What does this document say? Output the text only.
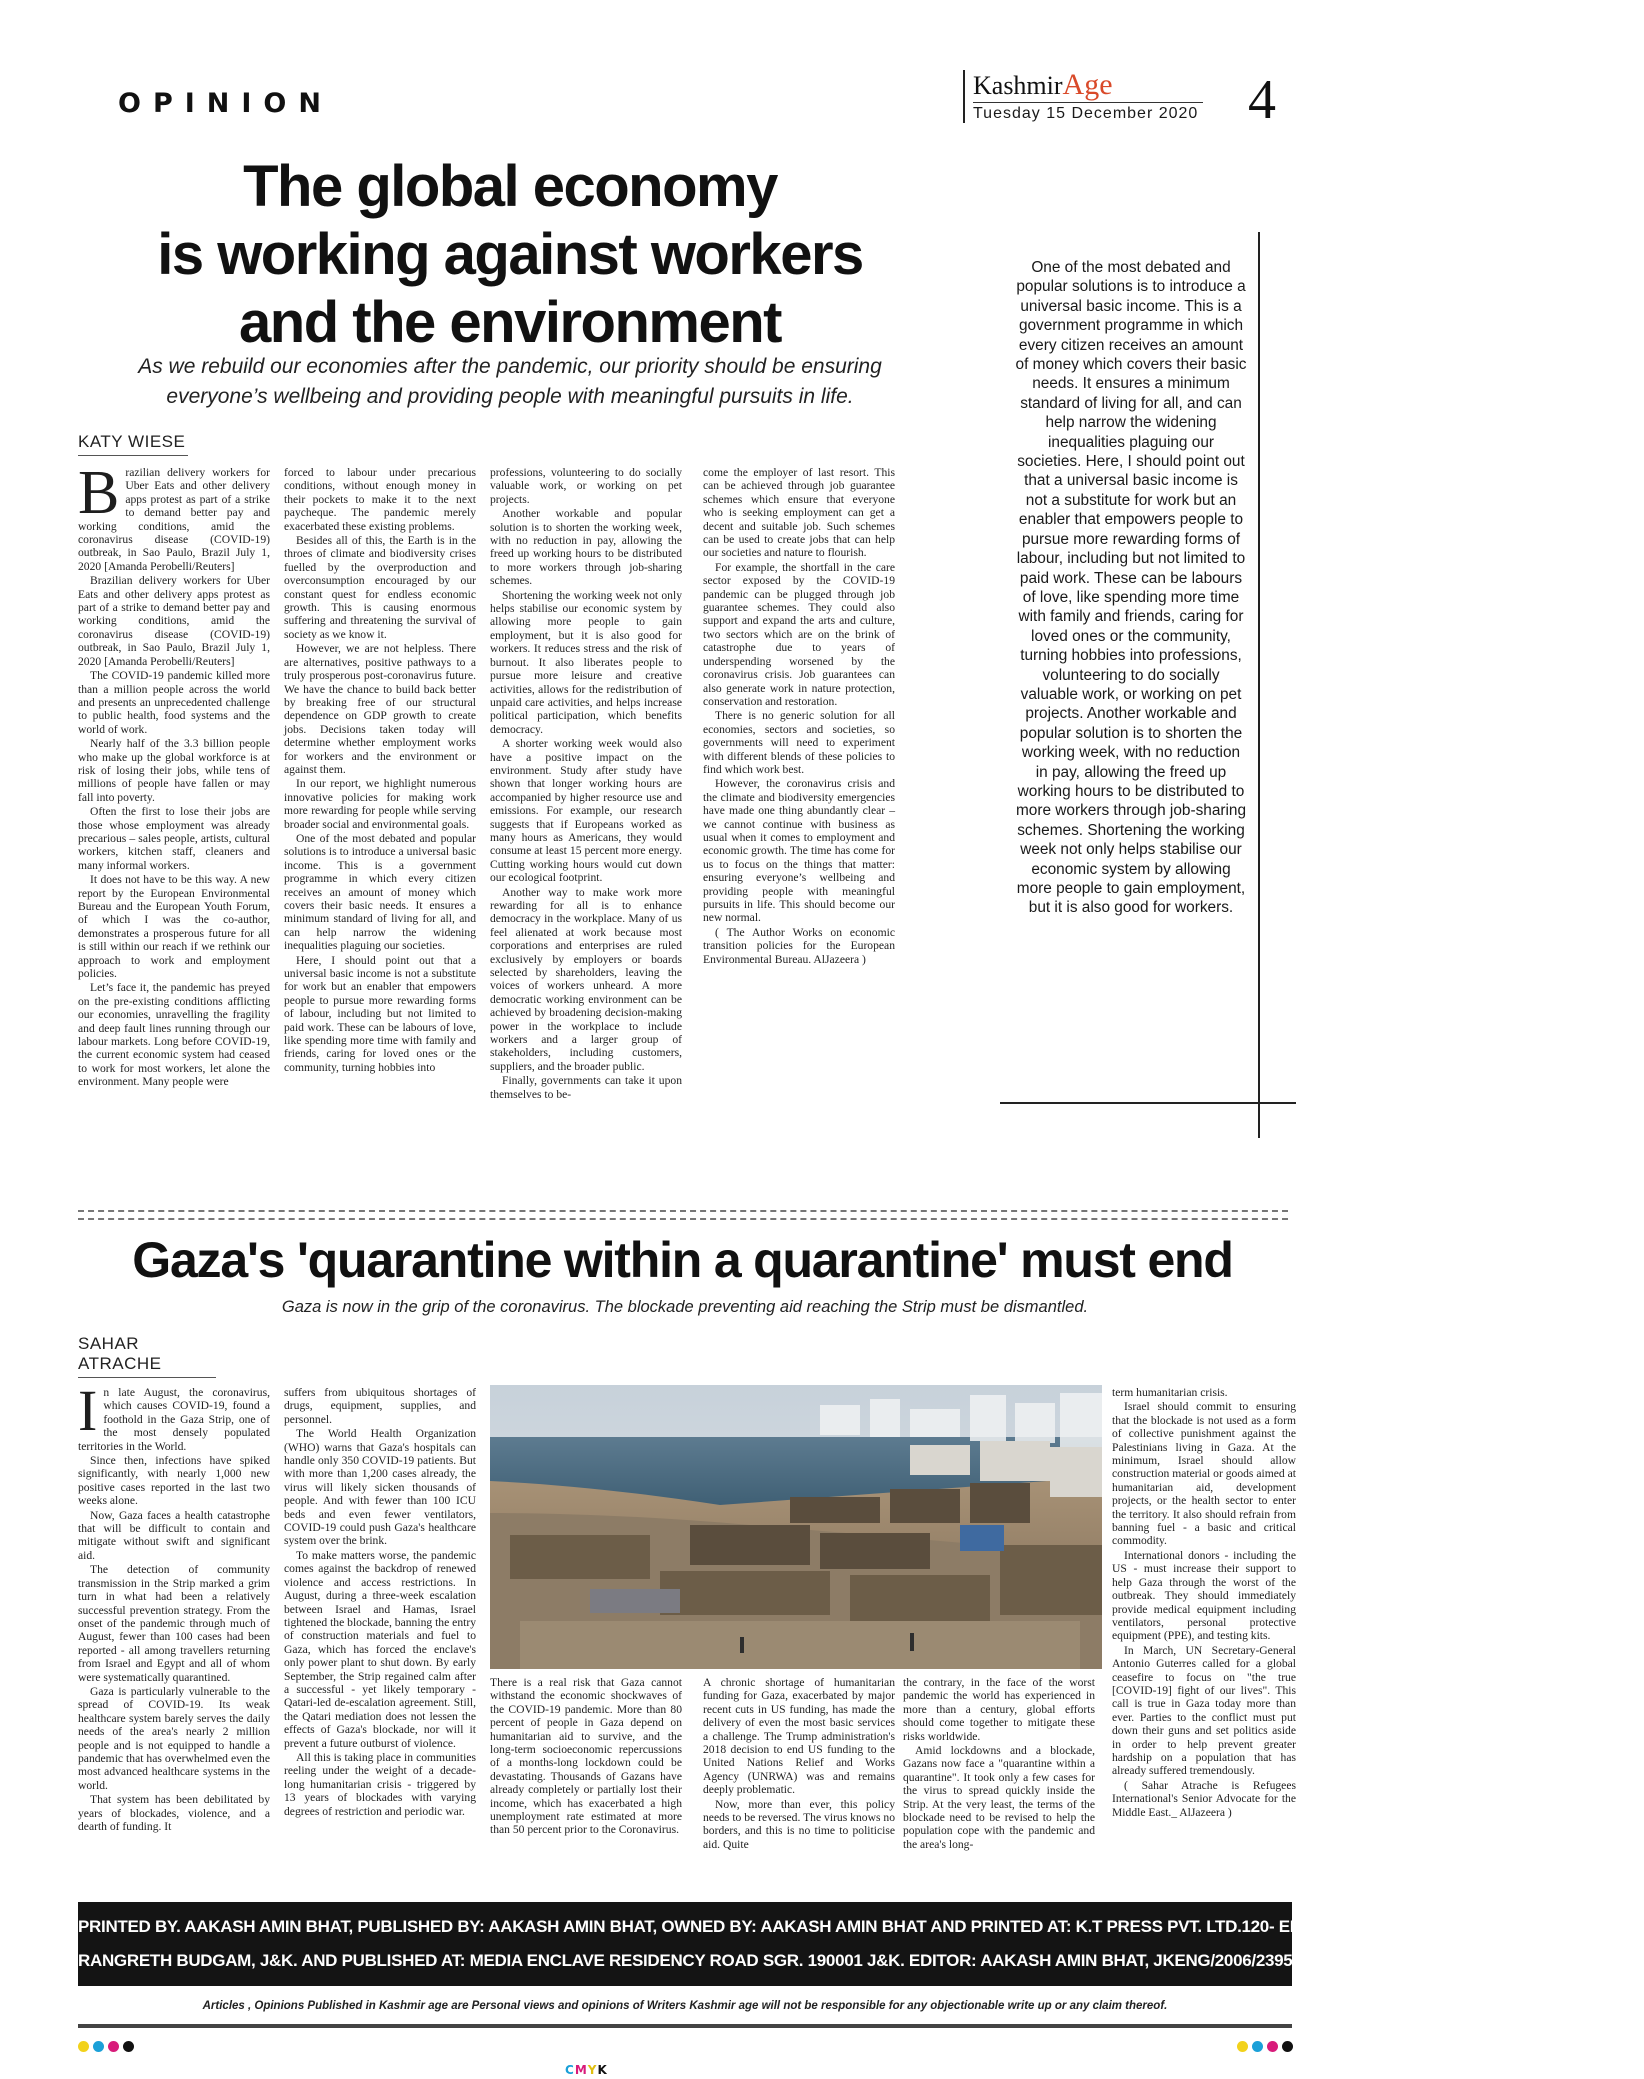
OPINION
KashmirAge
Tuesday 15 December 2020 4
The global economy
is working against workers
and the environment
As we rebuild our economies after the pandemic, our priority should be ensuring
everyone’s wellbeing and providing people with meaningful pursuits in life.
KATY WIESE

Brazilian delivery workers for Uber Eats and other delivery apps protest as part of a strike to demand better pay and working conditions, amid the coronavirus disease (COVID-19) outbreak, in Sao Paulo, Brazil July 1, 2020 [Amanda Perobelli/Reuters]

Brazilian delivery workers for Uber Eats and other delivery apps protest as part of a strike to demand better pay and working conditions, amid the coronavirus disease (COVID-19) outbreak, in Sao Paulo, Brazil July 1, 2020 [Amanda Perobelli/Reuters]

The COVID-19 pandemic killed more than a million people across the world and presents an unprecedented challenge to public health, food systems and the world of work.

Nearly half of the 3.3 billion people who make up the global workforce is at risk of losing their jobs, while tens of millions of people have fallen or may fall into poverty.

Often the first to lose their jobs are those whose employment was already precarious – sales people, artists, cultural workers, kitchen staff, cleaners and many informal workers.

It does not have to be this way. A new report by the European Environmental Bureau and the European Youth Forum, of which I was the co-author, demonstrates a prosperous future for all is still within our reach if we rethink our approach to work and employment policies.

Let’s face it, the pandemic has preyed on the pre-existing conditions afflicting our economies, unravelling the fragility and deep fault lines running through our labour markets. Long before COVID-19, the current economic system had ceased to work for most workers, let alone the environment. Many people were

forced to labour under precarious conditions, without enough money in their pockets to make it to the next paycheque. The pandemic merely exacerbated these existing problems.

Besides all of this, the Earth is in the throes of climate and biodiversity crises fuelled by the overproduction and overconsumption encouraged by our constant quest for endless economic growth. This is causing enormous suffering and threatening the survival of society as we know it.

However, we are not helpless. There are alternatives, positive pathways to a truly prosperous post-coronavirus future. We have the chance to build back better by breaking free of our structural dependence on GDP growth to create jobs. Decisions taken today will determine whether employment works for workers and the environment or against them.

In our report, we highlight numerous innovative policies for making work more rewarding for people while serving broader social and environmental goals.

One of the most debated and popular solutions is to introduce a universal basic income. This is a government programme in which every citizen receives an amount of money which covers their basic needs. It ensures a minimum standard of living for all, and can help narrow the widening inequalities plaguing our societies.

Here, I should point out that a universal basic income is not a substitute for work but an enabler that empowers people to pursue more rewarding forms of labour, including but not limited to paid work. These can be labours of love, like spending more time with family and friends, caring for loved ones or the community, turning hobbies into

professions, volunteering to do socially valuable work, or working on pet projects.

Another workable and popular solution is to shorten the working week, with no reduction in pay, allowing the freed up working hours to be distributed to more workers through job-sharing schemes.

Shortening the working week not only helps stabilise our economic system by allowing more people to gain employment, but it is also good for workers. It reduces stress and the risk of burnout. It also liberates people to pursue more leisure and creative activities, allows for the redistribution of unpaid care activities, and helps increase political participation, which benefits democracy.

A shorter working week would also have a positive impact on the environment. Study after study have shown that longer working hours are accompanied by higher resource use and emissions. For example, our research suggests that if Europeans worked as many hours as Americans, they would consume at least 15 percent more energy. Cutting working hours would cut down our ecological footprint.

Another way to make work more rewarding for all is to enhance democracy in the workplace. Many of us feel alienated at work because most corporations and enterprises are ruled exclusively by employers or boards selected by shareholders, leaving the voices of workers unheard. A more democratic working environment can be achieved by broadening decision-making power in the workplace to include workers and a larger group of stakeholders, including customers, suppliers, and the broader public.

Finally, governments can take it upon themselves to be-

come the employer of last resort. This can be achieved through job guarantee schemes which ensure that everyone who is seeking employment can get a decent and suitable job. Such schemes can be used to create jobs that can help our societies and nature to flourish.

For example, the shortfall in the care sector exposed by the COVID-19 pandemic can be plugged through job guarantee schemes. They could also support and expand the arts and culture, two sectors which are on the brink of catastrophe due to years of underspending worsened by the coronavirus crisis. Job guarantees can also generate work in nature protection, conservation and restoration.

There is no generic solution for all economies, sectors and societies, so governments will need to experiment with different blends of these policies to find which work best.

However, the coronavirus crisis and the climate and biodiversity emergencies have made one thing abundantly clear – we cannot continue with business as usual when it comes to employment and economic growth. The time has come for us to focus on the things that matter: ensuring everyone’s wellbeing and providing people with meaningful pursuits in life. This should become our new normal.

( The Author Works on economic transition policies for the European Environmental Bureau. AlJazeera )

One of the most debated and popular solutions is to introduce a universal basic income. This is a government programme in which every citizen receives an amount of money which covers their basic needs. It ensures a minimum standard of living for all, and can help narrow the widening inequalities plaguing our societies. Here, I should point out that a universal basic income is not a substitute for work but an enabler that empowers people to pursue more rewarding forms of labour, including but not limited to paid work. These can be labours of love, like spending more time with family and friends, caring for loved ones or the community, turning hobbies into professions, volunteering to do socially valuable work, or working on pet projects. Another workable and popular solution is to shorten the working week, with no reduction in pay, allowing the freed up working hours to be distributed to more workers through job-sharing schemes. Shortening the working week not only helps stabilise our economic system by allowing more people to gain employment, but it is also good for workers.
Gaza's 'quarantine within a quarantine' must end
Gaza is now in the grip of the coronavirus. The blockade preventing aid reaching the Strip must be dismantled.
SAHAR ATRACHE

In late August, the coronavirus, which causes COVID-19, found a foothold in the Gaza Strip, one of the most densely populated territories in the World.

Since then, infections have spiked significantly, with nearly 1,000 new positive cases reported in the last two weeks alone.

Now, Gaza faces a health catastrophe that will be difficult to contain and mitigate without swift and significant aid.

The detection of community transmission in the Strip marked a grim turn in what had been a relatively successful prevention strategy. From the onset of the pandemic through much of August, fewer than 100 cases had been reported - all among travellers returning from Israel and Egypt and all of whom were systematically quarantined.

Gaza is particularly vulnerable to the spread of COVID-19. Its weak healthcare system barely serves the daily needs of the area's nearly 2 million people and is not equipped to handle a pandemic that has overwhelmed even the most advanced healthcare systems in the world.

That system has been debilitated by years of blockades, violence, and a dearth of funding. It

suffers from ubiquitous shortages of drugs, equipment, supplies, and personnel.

The World Health Organization (WHO) warns that Gaza's hospitals can handle only 350 COVID-19 patients. But with more than 1,200 cases already, the virus will likely sicken thousands of people. And with fewer than 100 ICU beds and even fewer ventilators, COVID-19 could push Gaza's healthcare system over the brink.

To make matters worse, the pandemic comes against the backdrop of renewed violence and access restrictions. In August, during a three-week escalation between Israel and Hamas, Israel tightened the blockade, banning the entry of construction materials and fuel to Gaza, which has forced the enclave's only power plant to shut down. By early September, the Strip regained calm after a successful - yet likely temporary - Qatari-led de-escalation agreement. Still, the Qatari mediation does not lessen the effects of Gaza's blockade, nor will it prevent a future outburst of violence.

All this is taking place in communities reeling under the weight of a decade-long humanitarian crisis - triggered by 13 years of blockades with varying degrees of restriction and periodic war.

There is a real risk that Gaza cannot withstand the economic shockwaves of the COVID-19 pandemic. More than 80 percent of people in Gaza depend on humanitarian aid to survive, and the long-term socioeconomic repercussions of a months-long lockdown could be devastating. Thousands of Gazans have already completely or partially lost their income, which has exacerbated a high unemployment rate estimated at more than 50 percent prior to the Coronavirus.

A chronic shortage of humanitarian funding for Gaza, exacerbated by major recent cuts in US funding, has made the delivery of even the most basic services a challenge. The Trump administration's 2018 decision to end US funding to the United Nations Relief and Works Agency (UNRWA) was and remains deeply problematic.

Now, more than ever, this policy needs to be reversed. The virus knows no borders, and this is no time to politicise aid. Quite

the contrary, in the face of the worst pandemic the world has experienced in more than a century, global efforts should come together to mitigate these risks worldwide.

Amid lockdowns and a blockade, Gazans now face a "quarantine within a quarantine". It took only a few cases for the virus to spread quickly inside the Strip. At the very least, the terms of the blockade need to be revised to help the population cope with the pandemic and the area's long-

term humanitarian crisis.

Israel should commit to ensuring that the blockade is not used as a form of collective punishment against the Palestinians living in Gaza. At the minimum, Israel should allow construction material or goods aimed at humanitarian aid, development projects, or the health sector to enter the territory. It also should refrain from banning fuel - a basic and critical commodity.

International donors - including the US - must increase their support to help Gaza through the worst of the outbreak. They should immediately provide medical equipment including ventilators, personal protective equipment (PPE), and testing kits.

In March, UN Secretary-General Antonio Guterres called for a global ceasefire to focus on "the true [COVID-19] fight of our lives". This call is true in Gaza today more than ever. Parties to the conflict must put down their guns and set politics aside in order to help prevent greater hardship on a population that has already suffered tremendously.

( Sahar Atrache is Refugees International's Senior Advocate for the Middle East._ AlJazeera )

PRINTED BY. AAKASH AMIN BHAT, PUBLISHED BY: AAKASH AMIN BHAT, OWNED BY: AAKASH AMIN BHAT AND PRINTED AT: K.T PRESS PVT. LTD.120- ELECTRONIC COMPLEX INDUSTRIAL ESTATE
RANGRETH BUDGAM, J&K. AND PUBLISHED AT: MEDIA ENCLAVE RESIDENCY ROAD SGR. 190001 J&K. EDITOR: AAKASH AMIN BHAT, JKENG/2006/23952
Articles , Opinions Published in Kashmir age are Personal views and opinions of Writers Kashmir age will not be responsible for any objectionable write up or any claim thereof.
CMYK
